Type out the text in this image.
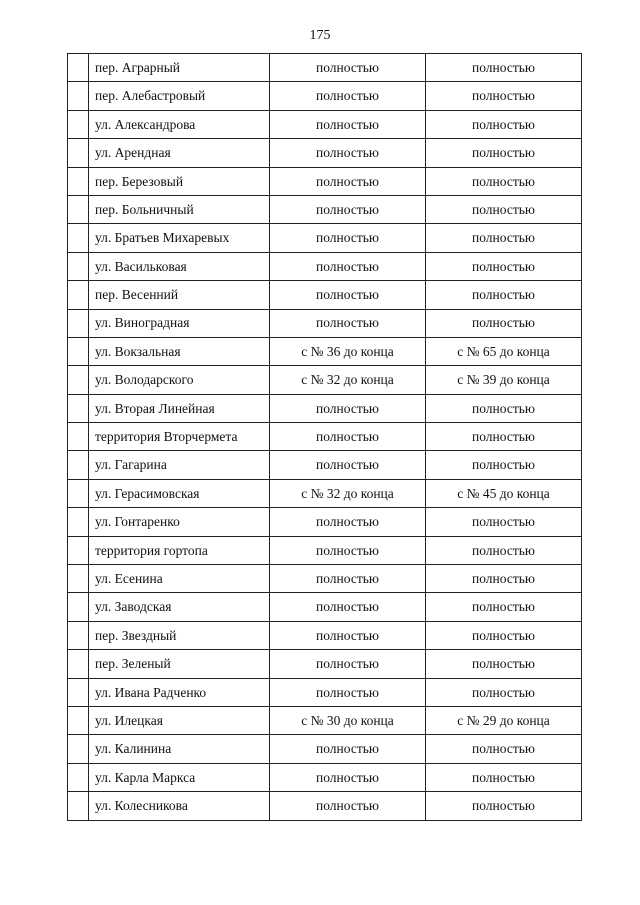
175
	пер. Аграрный	полностью	полностью
	пер. Алебастровый	полностью	полностью
	ул. Александрова	полностью	полностью
	ул. Арендная	полностью	полностью
	пер. Березовый	полностью	полностью
	пер. Больничный	полностью	полностью
	ул. Братьев Михаревых	полностью	полностью
	ул. Васильковая	полностью	полностью
	пер. Весенний	полностью	полностью
	ул. Виноградная	полностью	полностью
	ул. Вокзальная	с № 36 до конца	с № 65 до конца
	ул. Володарского	с № 32 до конца	с № 39 до конца
	ул. Вторая Линейная	полностью	полностью
	территория Вторчермета	полностью	полностью
	ул. Гагарина	полностью	полностью
	ул. Герасимовская	с № 32 до конца	с № 45 до конца
	ул. Гонтаренко	полностью	полностью
	территория гортопа	полностью	полностью
	ул. Есенина	полностью	полностью
	ул. Заводская	полностью	полностью
	пер. Звездный	полностью	полностью
	пер. Зеленый	полностью	полностью
	ул. Ивана Радченко	полностью	полностью
	ул. Илецкая	с № 30 до конца	с № 29 до конца
	ул. Калинина	полностью	полностью
	ул. Карла Маркса	полностью	полностью
	ул. Колесникова	полностью	полностью
